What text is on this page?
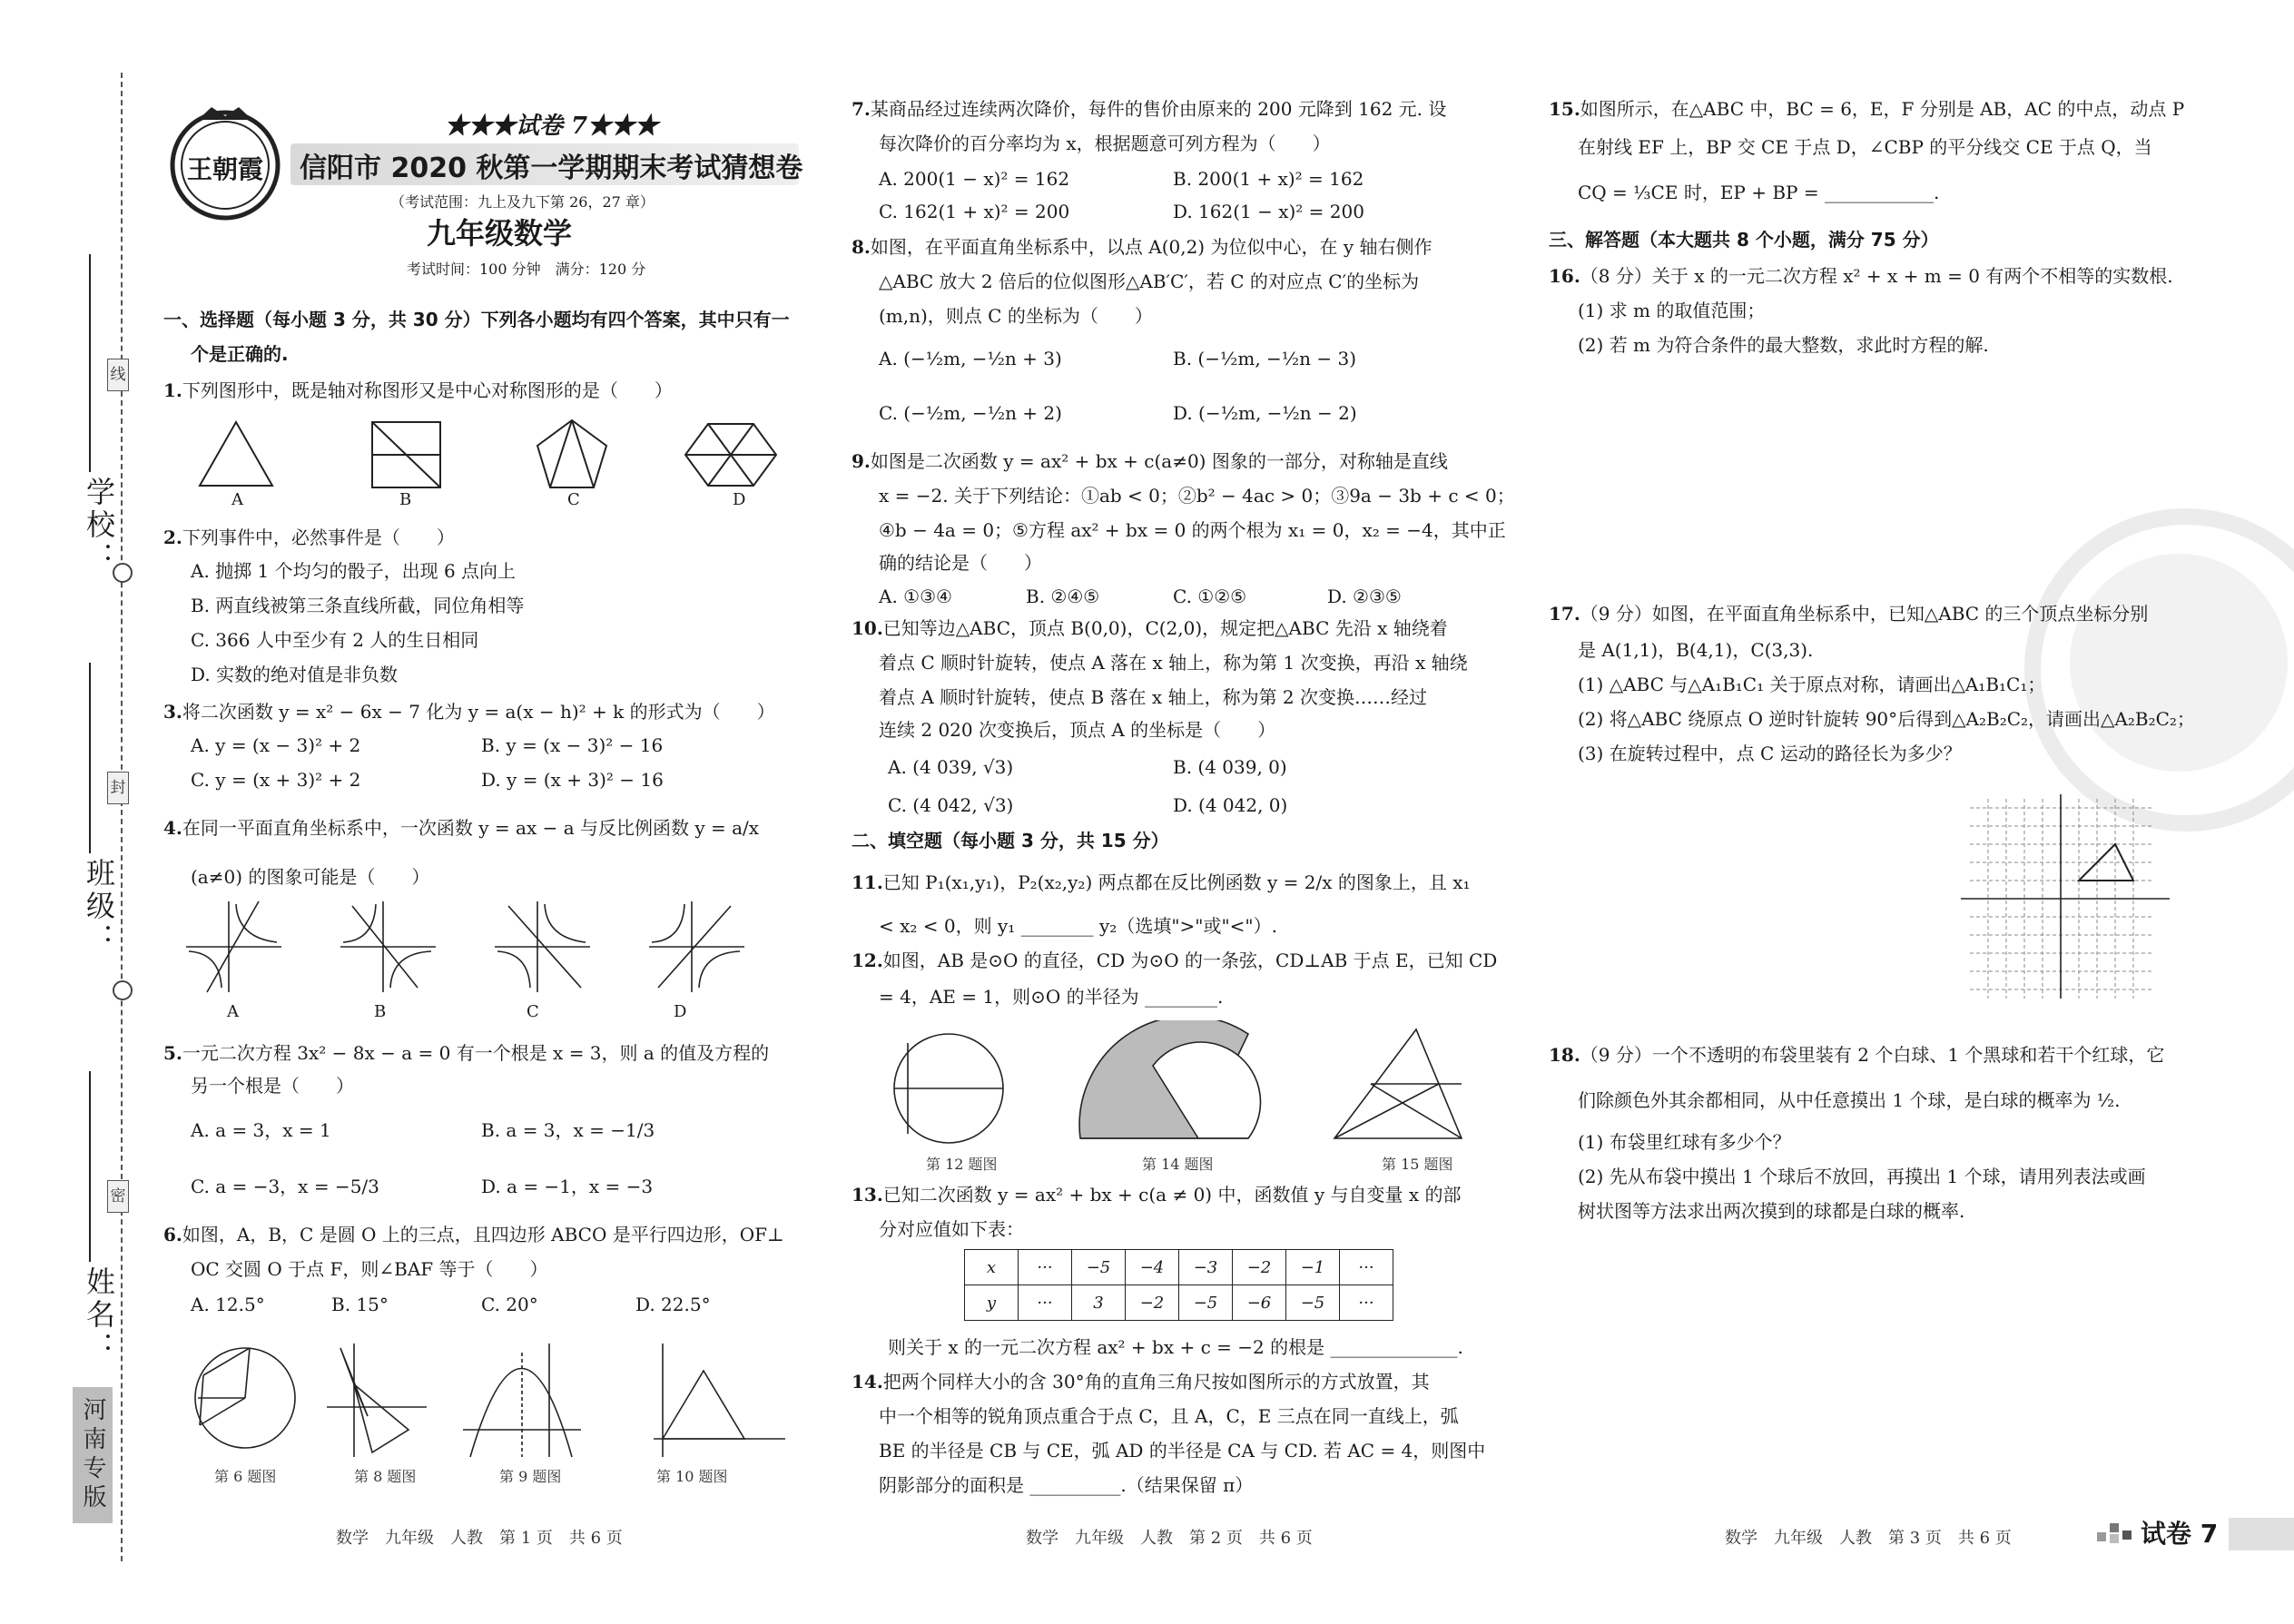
线
封
密
学校：
班级：
姓名：
河南专版
王朝霞
★★★试卷 7★★★
信阳市 2020 秋第一学期期末考试猜想卷
（考试范围：九上及九下第 26，27 章）
九年级数学
考试时间：100 分钟　满分：120 分
一、选择题（每小题 3 分，共 30 分）下列各小题均有四个答案，其中只有一
个是正确的.
1.下列图形中，既是轴对称图形又是中心对称图形的是（　　）
A	B	C	D
2.下列事件中，必然事件是（　　）
A. 抛掷 1 个均匀的骰子，出现 6 点向上
B. 两直线被第三条直线所截，同位角相等
C. 366 人中至少有 2 人的生日相同
D. 实数的绝对值是非负数
3.将二次函数 y = x² − 6x − 7 化为 y = a(x − h)² + k 的形式为（　　）
A. y = (x − 3)² + 2	B. y = (x − 3)² − 16
C. y = (x + 3)² + 2	D. y = (x + 3)² − 16
4.在同一平面直角坐标系中，一次函数 y = ax − a 与反比例函数 y = a/x
(a≠0) 的图象可能是（　　）
A	B	C	D
5.一元二次方程 3x² − 8x − a = 0 有一个根是 x = 3，则 a 的值及方程的
另一个根是（　　）
A. a = 3，x = 1	B. a = 3，x = −1/3
C. a = −3，x = −5/3	D. a = −1，x = −3
6.如图，A，B，C 是圆 O 上的三点，且四边形 ABCO 是平行四边形，OF⊥
OC 交圆 O 于点 F，则∠BAF 等于（　　）
A. 12.5°	B. 15°	C. 20°	D. 22.5°
第 6 题图	第 8 题图	第 9 题图	第 10 题图
数学　九年级　人教　第 1 页　共 6 页
7.某商品经过连续两次降价，每件的售价由原来的 200 元降到 162 元. 设
每次降价的百分率均为 x，根据题意可列方程为（　　）
A. 200(1 − x)² = 162	B. 200(1 + x)² = 162
C. 162(1 + x)² = 200	D. 162(1 − x)² = 200
8.如图，在平面直角坐标系中，以点 A(0,2) 为位似中心，在 y 轴右侧作
△ABC 放大 2 倍后的位似图形△AB′C′，若 C 的对应点 C′的坐标为
(m,n)，则点 C 的坐标为（　　）
A. (−½m, −½n + 3)	B. (−½m, −½n − 3)
C. (−½m, −½n + 2)	D. (−½m, −½n − 2)
9.如图是二次函数 y = ax² + bx + c(a≠0) 图象的一部分，对称轴是直线
x = −2. 关于下列结论：①ab < 0；②b² − 4ac > 0；③9a − 3b + c < 0；
④b − 4a = 0；⑤方程 ax² + bx = 0 的两个根为 x₁ = 0，x₂ = −4，其中正
确的结论是（　　）
A. ①③④	B. ②④⑤	C. ①②⑤	D. ②③⑤
10.已知等边△ABC，顶点 B(0,0)，C(2,0)，规定把△ABC 先沿 x 轴绕着
着点 C 顺时针旋转，使点 A 落在 x 轴上，称为第 1 次变换，再沿 x 轴绕
着点 A 顺时针旋转，使点 B 落在 x 轴上，称为第 2 次变换……经过
连续 2 020 次变换后，顶点 A 的坐标是（　　）
A. (4 039, √3)	B. (4 039, 0)
C. (4 042, √3)	D. (4 042, 0)
二、填空题（每小题 3 分，共 15 分）
11.已知 P₁(x₁,y₁)，P₂(x₂,y₂) 两点都在反比例函数 y = 2/x 的图象上，且 x₁
< x₂ < 0，则 y₁ ________ y₂（选填">"或"<"）.
12.如图，AB 是⊙O 的直径，CD 为⊙O 的一条弦，CD⊥AB 于点 E，已知 CD
= 4，AE = 1，则⊙O 的半径为 ________.
第 12 题图	第 14 题图	第 15 题图
13.已知二次函数 y = ax² + bx + c(a ≠ 0) 中，函数值 y 与自变量 x 的部
分对应值如下表：
x	···	−5	−4	−3	−2	−1	···
y	···	3	−2	−5	−6	−5	···
则关于 x 的一元二次方程 ax² + bx + c = −2 的根是 ______________.
14.把两个同样大小的含 30°角的直角三角尺按如图所示的方式放置，其
中一个相等的锐角顶点重合于点 C，且 A，C，E 三点在同一直线上，弧
BE 的半径是 CB 与 CE，弧 AD 的半径是 CA 与 CD. 若 AC = 4，则图中
阴影部分的面积是 __________.（结果保留 π）
数学　九年级　人教　第 2 页　共 6 页
15.如图所示，在△ABC 中，BC = 6，E，F 分别是 AB，AC 的中点，动点 P
在射线 EF 上，BP 交 CE 于点 D，∠CBP 的平分线交 CE 于点 Q，当
CQ = ⅓CE 时，EP + BP = ____________.
三、解答题（本大题共 8 个小题，满分 75 分）
16.（8 分）关于 x 的一元二次方程 x² + x + m = 0 有两个不相等的实数根.
(1) 求 m 的取值范围；
(2) 若 m 为符合条件的最大整数，求此时方程的解.
17.（9 分）如图，在平面直角坐标系中，已知△ABC 的三个顶点坐标分别
是 A(1,1)，B(4,1)，C(3,3).
(1) △ABC 与△A₁B₁C₁ 关于原点对称，请画出△A₁B₁C₁；
(2) 将△ABC 绕原点 O 逆时针旋转 90°后得到△A₂B₂C₂，请画出△A₂B₂C₂；
(3) 在旋转过程中，点 C 运动的路径长为多少？
18.（9 分）一个不透明的布袋里装有 2 个白球、1 个黑球和若干个红球，它
们除颜色外其余都相同，从中任意摸出 1 个球，是白球的概率为 ½.
(1) 布袋里红球有多少个？
(2) 先从布袋中摸出 1 个球后不放回，再摸出 1 个球，请用列表法或画
树状图等方法求出两次摸到的球都是白球的概率.
数学　九年级　人教　第 3 页　共 6 页	试卷 7
